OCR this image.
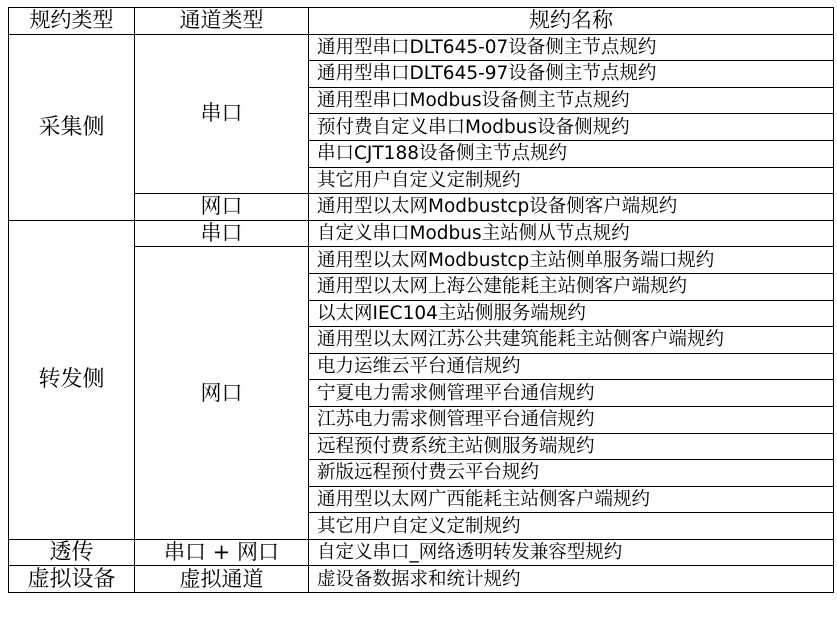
规约类型	通道类型	规约名称
采集侧	串口	通用型串口DLT645-07设备侧主节点规约
		通用型串口DLT645-97设备侧主节点规约
		通用型串口Modbus设备侧主节点规约
		预付费自定义串口Modbus设备侧规约
		串口CJT188设备侧主节点规约
		其它用户自定义定制规约
	网口	通用型以太网Modbustcp设备侧客户端规约
转发侧	串口	自定义串口Modbus主站侧从节点规约
	网口	通用型以太网Modbustcp主站侧单服务端口规约
		通用型以太网上海公建能耗主站侧客户端规约
		以太网IEC104主站侧服务端规约
		通用型以太网江苏公共建筑能耗主站侧客户端规约
		电力运维云平台通信规约
		宁夏电力需求侧管理平台通信规约
		江苏电力需求侧管理平台通信规约
		远程预付费系统主站侧服务端规约
		新版远程预付费云平台规约
		通用型以太网广西能耗主站侧客户端规约
		其它用户自定义定制规约
透传	串口 + 网口	自定义串口_网络透明转发兼容型规约
虚拟设备	虚拟通道	虚设备数据求和统计规约
